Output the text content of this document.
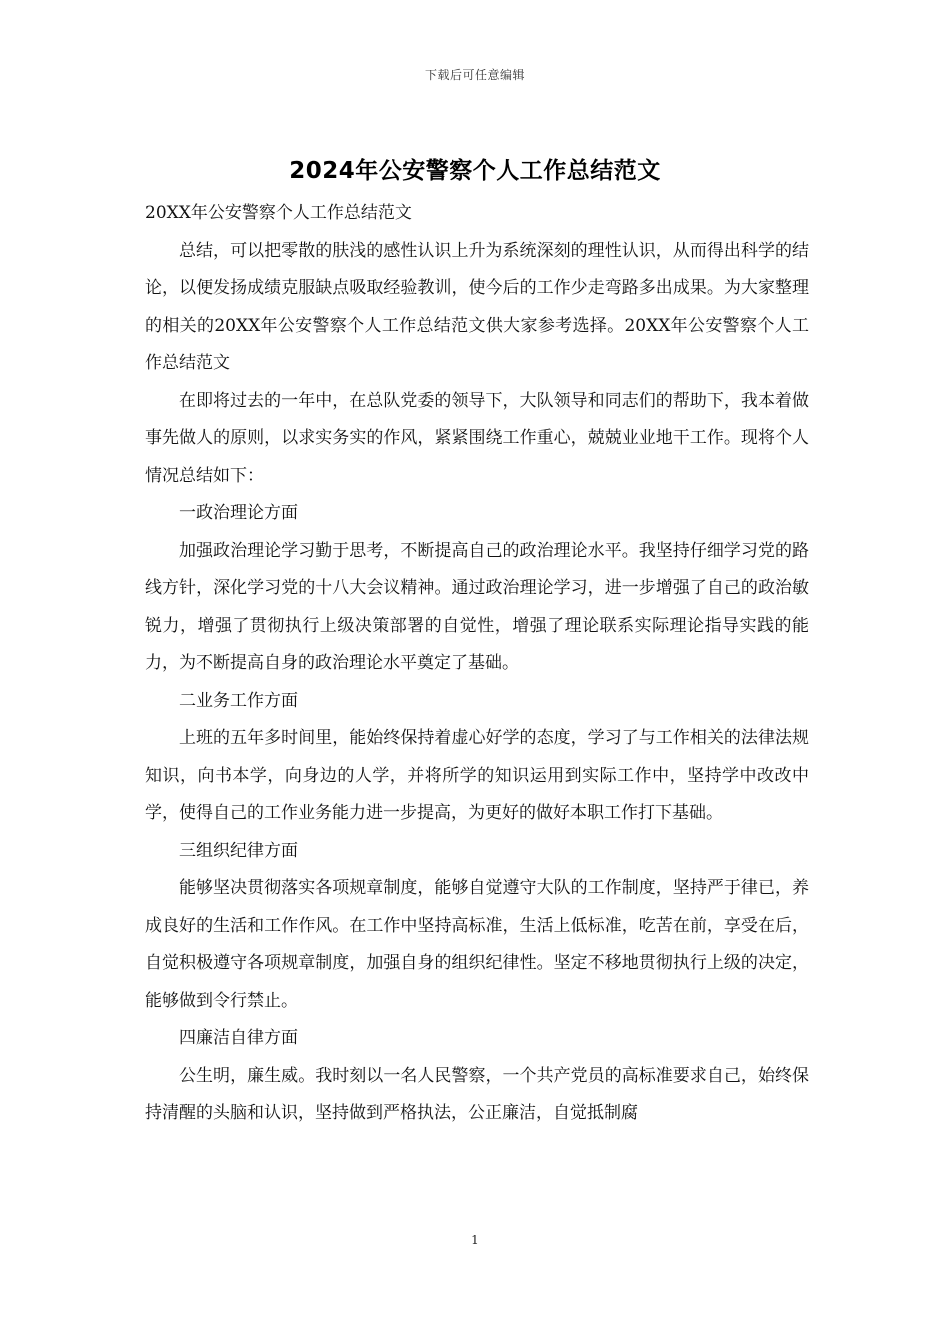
下载后可任意编辑
2024年公安警察个人工作总结范文

20XX年公安警察个人工作总结范文

总结，可以把零散的肤浅的感性认识上升为系统深刻的理性认识，从而得出科学的结论，以便发扬成绩克服缺点吸取经验教训，使今后的工作少走弯路多出成果。为大家整理的相关的20XX年公安警察个人工作总结范文供大家参考选择。20XX年公安警察个人工作总结范文

在即将过去的一年中，在总队党委的领导下，大队领导和同志们的帮助下，我本着做事先做人的原则，以求实务实的作风，紧紧围绕工作重心，兢兢业业地干工作。现将个人情况总结如下：

一政治理论方面

加强政治理论学习勤于思考，不断提高自己的政治理论水平。我坚持仔细学习党的路线方针，深化学习党的十八大会议精神。通过政治理论学习，进一步增强了自己的政治敏锐力，增强了贯彻执行上级决策部署的自觉性，增强了理论联系实际理论指导实践的能力，为不断提高自身的政治理论水平奠定了基础。

二业务工作方面

上班的五年多时间里，能始终保持着虚心好学的态度，学习了与工作相关的法律法规知识，向书本学，向身边的人学，并将所学的知识运用到实际工作中，坚持学中改改中学，使得自己的工作业务能力进一步提高，为更好的做好本职工作打下基础。

三组织纪律方面

能够坚决贯彻落实各项规章制度，能够自觉遵守大队的工作制度，坚持严于律已，养成良好的生活和工作作风。在工作中坚持高标准，生活上低标准，吃苦在前，享受在后，自觉积极遵守各项规章制度，加强自身的组织纪律性。坚定不移地贯彻执行上级的决定，能够做到令行禁止。

四廉洁自律方面

公生明，廉生威。我时刻以一名人民警察，一个共产党员的高标准要求自己，始终保持清醒的头脑和认识，坚持做到严格执法，公正廉洁，自觉抵制腐

1
